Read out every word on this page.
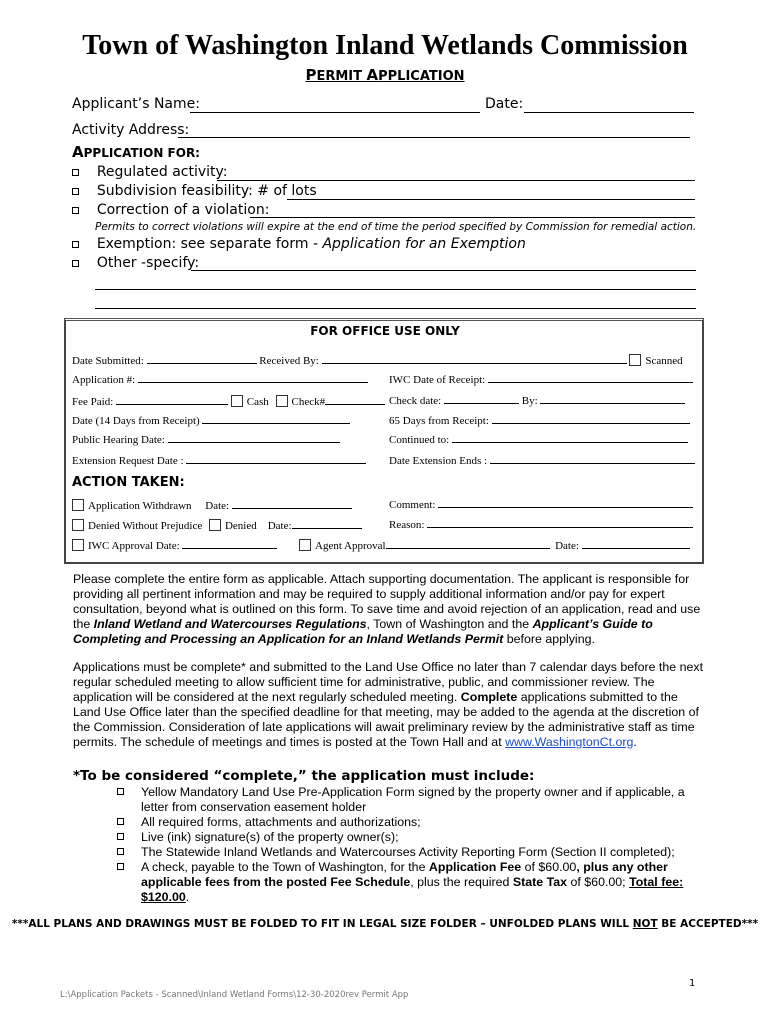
Town of Washington Inland Wetlands Commission
PERMIT APPLICATION
Applicant’s Name:	Date:
Activity Address:
APPLICATION FOR:
Regulated activity:
Subdivision feasibility: # of lots
Correction of a violation:
Permits to correct violations will expire at the end of time the period specified by Commission for remedial action.
Exemption: see separate form - Application for an Exemption
Other -specify:
FOR OFFICE USE ONLY
Date Submitted:	Received By:	Scanned
Application #:	IWC Date of Receipt:
Fee Paid:	Cash Check#	Check date:	By:
Date (14 Days from Receipt)	65 Days from Receipt:
Public Hearing Date:	Continued to:
Extension Request Date :	Date Extension Ends :
ACTION TAKEN:
Application Withdrawn Date:	Comment:
Denied Without Prejudice Denied Date:	Reason:
IWC Approval Date:	Agent Approval	Date:
Please complete the entire form as applicable. Attach supporting documentation. The applicant is responsible for providing all pertinent information and may be required to supply additional information and/or pay for expert consultation, beyond what is outlined on this form. To save time and avoid rejection of an application, read and use the Inland Wetland and Watercourses Regulations, Town of Washington and the Applicant’s Guide to Completing and Processing an Application for an Inland Wetlands Permit before applying.
Applications must be complete* and submitted to the Land Use Office no later than 7 calendar days before the next regular scheduled meeting to allow sufficient time for administrative, public, and commissioner review. The application will be considered at the next regularly scheduled meeting. Complete applications submitted to the Land Use Office later than the specified deadline for that meeting, may be added to the agenda at the discretion of the Commission. Consideration of late applications will await preliminary review by the administrative staff as time permits. The schedule of meetings and times is posted at the Town Hall and at www.WashingtonCt.org.
*To be considered “complete,” the application must include:
Yellow Mandatory Land Use Pre-Application Form signed by the property owner and if applicable, a letter from conservation easement holder
All required forms, attachments and authorizations;
Live (ink) signature(s) of the property owner(s);
The Statewide Inland Wetlands and Watercourses Activity Reporting Form (Section II completed);
A check, payable to the Town of Washington, for the Application Fee of $60.00, plus any other applicable fees from the posted Fee Schedule, plus the required State Tax of $60.00; Total fee: $120.00.
***ALL PLANS AND DRAWINGS MUST BE FOLDED TO FIT IN LEGAL SIZE FOLDER – UNFOLDED PLANS WILL NOT BE ACCEPTED***
1
L:\Application Packets - Scanned\Inland Wetland Forms\12-30-2020rev Permit App
